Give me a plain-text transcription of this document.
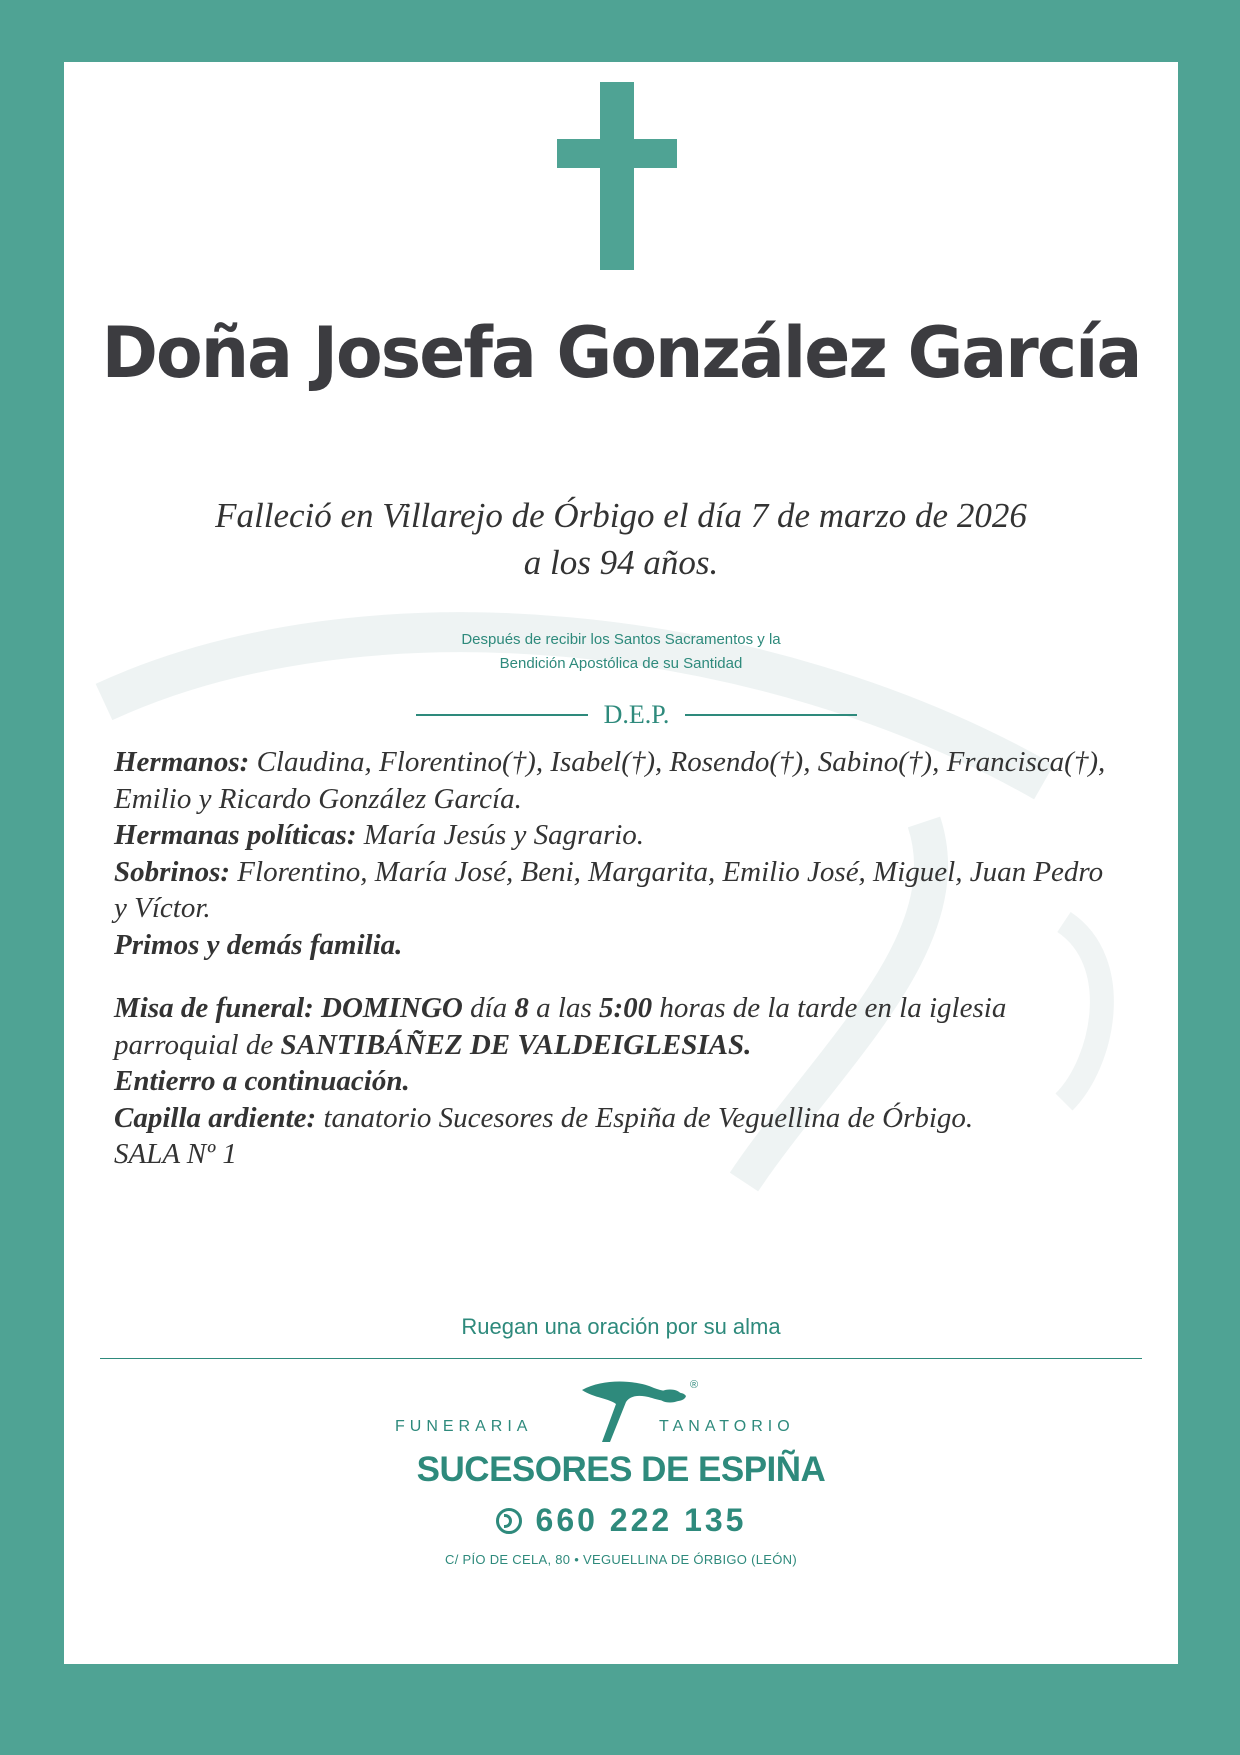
Doña Josefa González García
Falleció en Villarejo de Órbigo el día 7 de marzo de 2026
a los 94 años.
Después de recibir los Santos Sacramentos y la
Bendición Apostólica de su Santidad
D.E.P.

Hermanos: Claudina, Florentino(†), Isabel(†), Rosendo(†), Sabino(†), Francisca(†), Emilio y Ricardo González García.

Hermanas políticas: María Jesús y Sagrario.

Sobrinos: Florentino, María José, Beni, Margarita, Emilio José, Miguel, Juan Pedro y Víctor.

Primos y demás familia.

Misa de funeral: DOMINGO día 8 a las 5:00 horas de la tarde en la iglesia parroquial de SANTIBÁÑEZ DE VALDEIGLESIAS.

Entierro a continuación.

Capilla ardiente: tanatorio Sucesores de Espiña de Veguellina de Órbigo.

SALA Nº 1

Ruegan una oración por su alma
®
FUNERARIA	TANATORIO
SUCESORES DE ESPIÑA
660 222 135
C/ PÍO DE CELA, 80 • VEGUELLINA DE ÓRBIGO (LEÓN)
